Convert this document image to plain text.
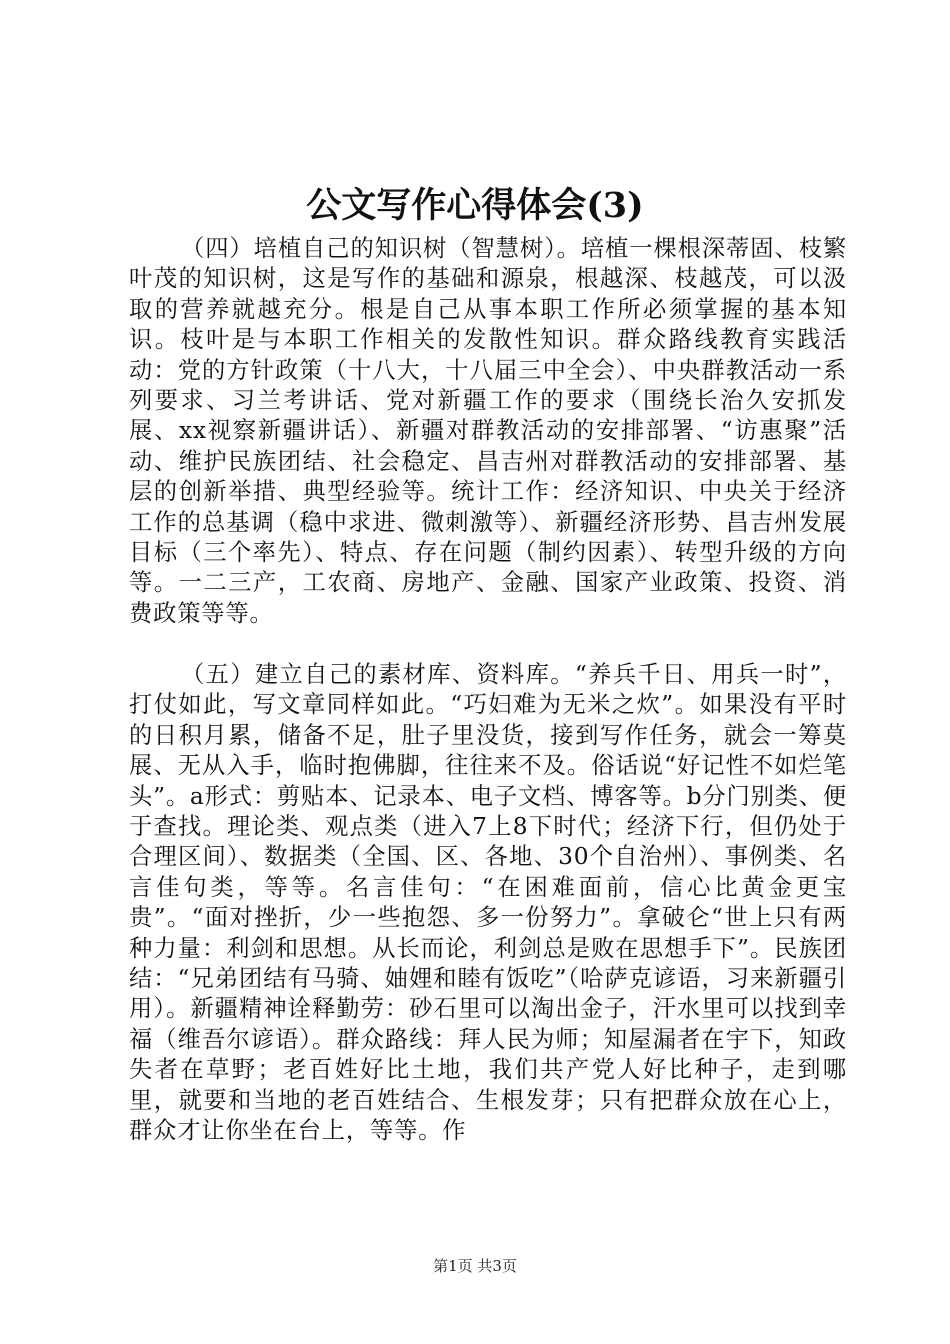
公文写作心得体会(3)

（四）培植自己的知识树（智慧树）。培植一棵根深蒂固、枝繁叶茂的知识树，这是写作的基础和源泉，根越深、枝越茂，可以汲取的营养就越充分。根是自己从事本职工作所必须掌握的基本知识。枝叶是与本职工作相关的发散性知识。群众路线教育实践活动：党的方针政策（十八大，十八届三中全会）、中央群教活动一系列要求、习兰考讲话、党对新疆工作的要求（围绕长治久安抓发展、xx视察新疆讲话）、新疆对群教活动的安排部署、“访惠聚”活动、维护民族团结、社会稳定、昌吉州对群教活动的安排部署、基层的创新举措、典型经验等。统计工作：经济知识、中央关于经济工作的总基调（稳中求进、微刺激等）、新疆经济形势、昌吉州发展目标（三个率先）、特点、存在问题（制约因素）、转型升级的方向等。一二三产，工农商、房地产、金融、国家产业政策、投资、消费政策等等。

（五）建立自己的素材库、资料库。“养兵千日、用兵一时”，打仗如此，写文章同样如此。“巧妇难为无米之炊”。如果没有平时的日积月累，储备不足，肚子里没货，接到写作任务，就会一筹莫展、无从入手，临时抱佛脚，往往来不及。俗话说“好记性不如烂笔头”。a形式：剪贴本、记录本、电子文档、博客等。b分门别类、便于查找。理论类、观点类（进入7上8下时代；经济下行，但仍处于合理区间）、数据类（全国、区、各地、30个自治州）、事例类、名言佳句类，等等。名言佳句：“在困难面前，信心比黄金更宝贵”。“面对挫折，少一些抱怨、多一份努力”。拿破仑“世上只有两种力量：利剑和思想。从长而论，利剑总是败在思想手下”。民族团结：“兄弟团结有马骑、妯娌和睦有饭吃”（哈萨克谚语，习来新疆引用）。新疆精神诠释勤劳：砂石里可以淘出金子，汗水里可以找到幸福（维吾尔谚语）。群众路线：拜人民为师；知屋漏者在宇下，知政失者在草野；老百姓好比土地，我们共产党人好比种子，走到哪里，就要和当地的老百姓结合、生根发芽；只有把群众放在心上，群众才让你坐在台上，等等。作

第1页 共3页
